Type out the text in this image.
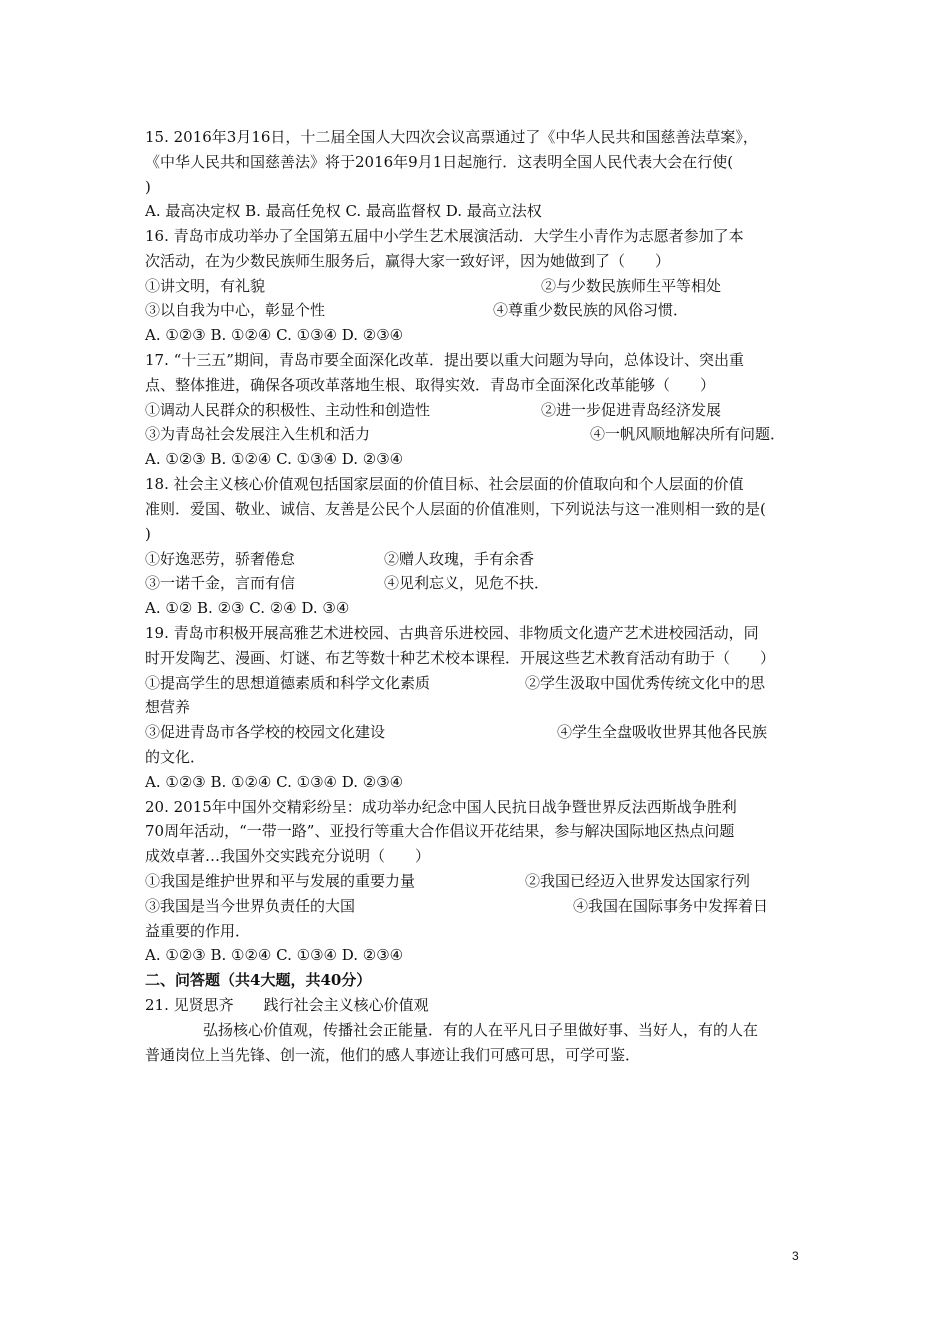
15. 2016年3月16日，十二届全国人大四次会议高票通过了《中华人民共和国慈善法草案》，
《中华人民共和国慈善法》将于2016年9月1日起施行．这表明全国人民代表大会在行使(
)
A. 最高决定权 B. 最高任免权 C. 最高监督权 D. 最高立法权
16. 青岛市成功举办了全国第五届中小学生艺术展演活动．大学生小青作为志愿者参加了本
次活动，在为少数民族师生服务后，赢得大家一致好评，因为她做到了（　　）
①讲文明，有礼貌	②与少数民族师生平等相处
③以自我为中心，彰显个性	④尊重少数民族的风俗习惯．
A. ①②③ B. ①②④ C. ①③④ D. ②③④
17. “十三五”期间，青岛市要全面深化改革．提出要以重大问题为导向，总体设计、突出重
点、整体推进，确保各项改革落地生根、取得实效．青岛市全面深化改革能够（　　）
①调动人民群众的积极性、主动性和创造性	②进一步促进青岛经济发展
③为青岛社会发展注入生机和活力	④一帆风顺地解决所有问题．
A. ①②③ B. ①②④ C. ①③④ D. ②③④
18. 社会主义核心价值观包括国家层面的价值目标、社会层面的价值取向和个人层面的价值
准则．爱国、敬业、诚信、友善是公民个人层面的价值准则，下列说法与这一准则相一致的是(
)
①好逸恶劳，骄奢倦怠	②赠人玫瑰，手有余香
③一诺千金，言而有信	④见利忘义，见危不扶．
A. ①② B. ②③ C. ②④ D. ③④
19. 青岛市积极开展高雅艺术进校园、古典音乐进校园、非物质文化遗产艺术进校园活动，同
时开发陶艺、漫画、灯谜、布艺等数十种艺术校本课程．开展这些艺术教育活动有助于（　　）
①提高学生的思想道德素质和科学文化素质	②学生汲取中国优秀传统文化中的思
想营养
③促进青岛市各学校的校园文化建设	④学生全盘吸收世界其他各民族
的文化．
A. ①②③ B. ①②④ C. ①③④ D. ②③④
20. 2015年中国外交精彩纷呈：成功举办纪念中国人民抗日战争暨世界反法西斯战争胜利
70周年活动，“一带一路”、亚投行等重大合作倡议开花结果，参与解决国际地区热点问题
成效卓著…我国外交实践充分说明（　　）
①我国是维护世界和平与发展的重要力量	②我国已经迈入世界发达国家行列
③我国是当今世界负责任的大国	④我国在国际事务中发挥着日
益重要的作用．
A. ①②③ B. ①②④ C. ①③④ D. ②③④
二、问答题（共4大题，共40分）
21. 见贤思齐　　践行社会主义核心价值观
弘扬核心价值观，传播社会正能量．有的人在平凡日子里做好事、当好人，有的人在
普通岗位上当先锋、创一流，他们的感人事迹让我们可感可思，可学可鉴．
3
